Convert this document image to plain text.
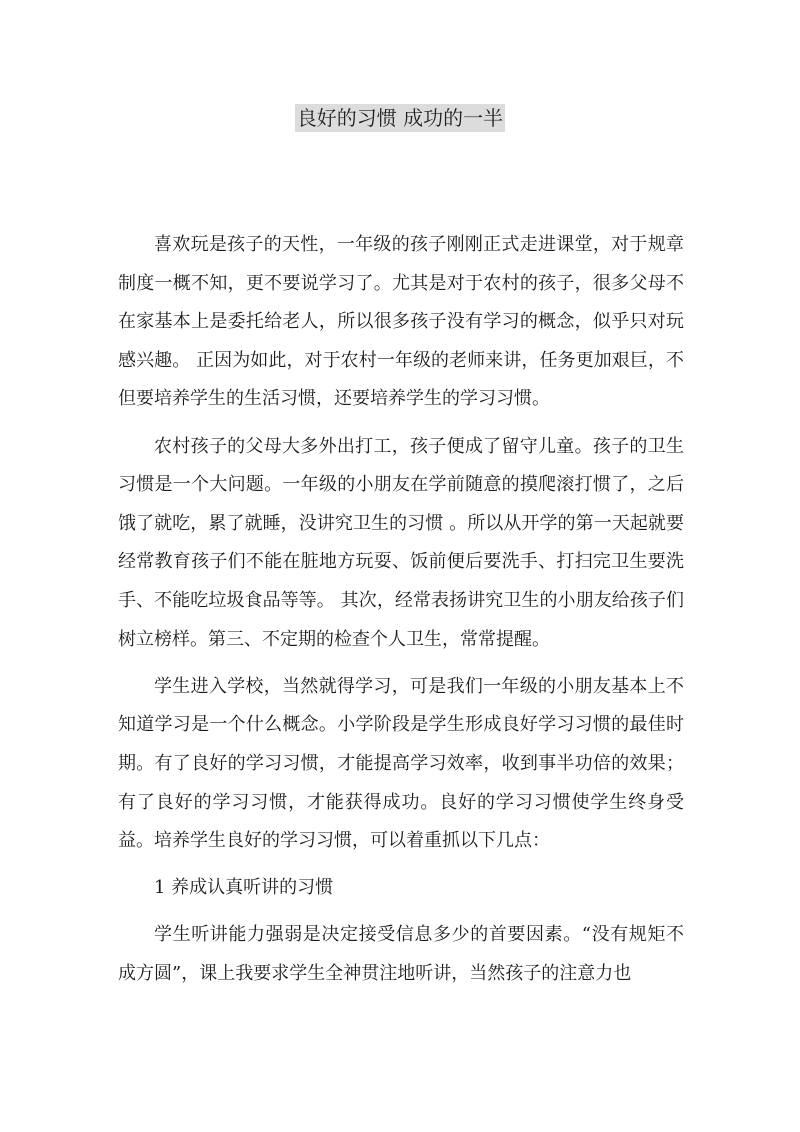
良好的习惯 成功的一半

喜欢玩是孩子的天性，一年级的孩子刚刚正式走进课堂，对于规章制度一概不知，更不要说学习了。尤其是对于农村的孩子，很多父母不在家基本上是委托给老人，所以很多孩子没有学习的概念，似乎只对玩感兴趣。 正因为如此，对于农村一年级的老师来讲，任务更加艰巨，不但要培养学生的生活习惯，还要培养学生的学习习惯。

农村孩子的父母大多外出打工，孩子便成了留守儿童。孩子的卫生习惯是一个大问题。一年级的小朋友在学前随意的摸爬滚打惯了，之后饿了就吃，累了就睡，没讲究卫生的习惯 。所以从开学的第一天起就要经常教育孩子们不能在脏地方玩耍、饭前便后要洗手、打扫完卫生要洗手、不能吃垃圾食品等等。 其次，经常表扬讲究卫生的小朋友给孩子们树立榜样。第三、不定期的检查个人卫生，常常提醒。

学生进入学校，当然就得学习，可是我们一年级的小朋友基本上不知道学习是一个什么概念。小学阶段是学生形成良好学习习惯的最佳时期。有了良好的学习习惯，才能提高学习效率，收到事半功倍的效果；有了良好的学习习惯，才能获得成功。良好的学习习惯使学生终身受益。培养学生良好的学习习惯，可以着重抓以下几点：

1 养成认真听讲的习惯

学生听讲能力强弱是决定接受信息多少的首要因素。“没有规矩不成方圆”，课上我要求学生全神贯注地听讲，当然孩子的注意力也
